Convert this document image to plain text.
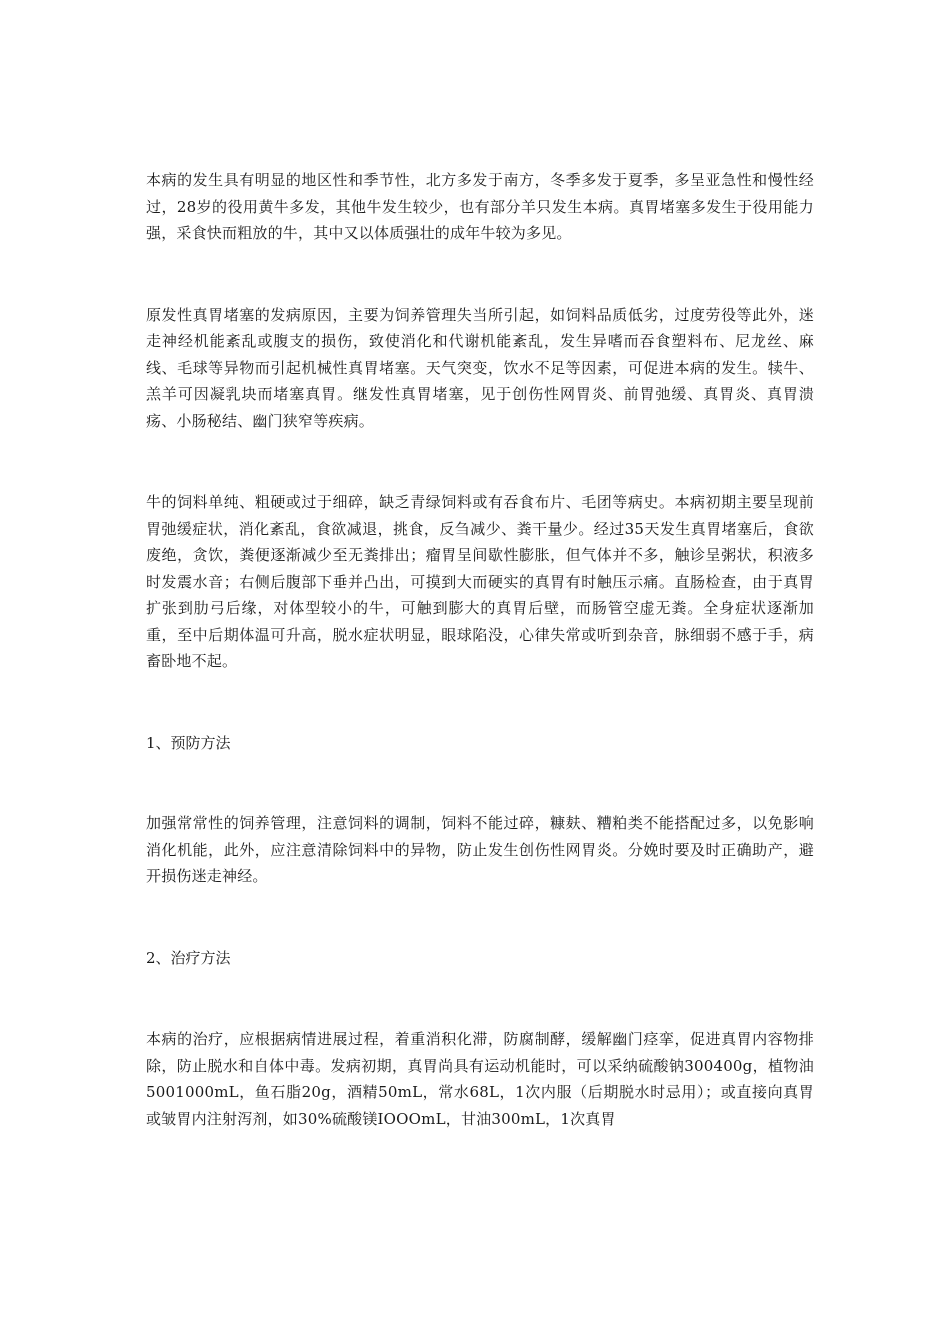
本病的发生具有明显的地区性和季节性，北方多发于南方，冬季多发于夏季，多呈亚急性和慢性经过，28岁的役用黄牛多发，其他牛发生较少，也有部分羊只发生本病。真胃堵塞多发生于役用能力强，采食快而粗放的牛，其中又以体质强壮的成年牛较为多见。

原发性真胃堵塞的发病原因，主要为饲养管理失当所引起，如饲料品质低劣，过度劳役等此外，迷走神经机能紊乱或腹支的损伤，致使消化和代谢机能紊乱，发生异嗜而吞食塑料布、尼龙丝、麻线、毛球等异物而引起机械性真胃堵塞。天气突变，饮水不足等因素，可促进本病的发生。犊牛、羔羊可因凝乳块而堵塞真胃。继发性真胃堵塞，见于创伤性网胃炎、前胃弛缓、真胃炎、真胃溃疡、小肠秘结、幽门狭窄等疾病。

牛的饲料单纯、粗硬或过于细碎，缺乏青绿饲料或有吞食布片、毛团等病史。本病初期主要呈现前胃弛缓症状，消化紊乱，食欲减退，挑食，反刍减少、粪干量少。经过35天发生真胃堵塞后，食欲废绝，贪饮，粪便逐渐减少至无粪排出；瘤胃呈间歇性膨胀，但气体并不多，触诊呈粥状，积液多时发震水音；右侧后腹部下垂并凸出，可摸到大而硬实的真胃有时触压示痛。直肠检查，由于真胃扩张到肋弓后缘，对体型较小的牛，可触到膨大的真胃后壁，而肠管空虚无粪。全身症状逐渐加重，至中后期体温可升高，脱水症状明显，眼球陷没，心律失常或听到杂音，脉细弱不感于手，病畜卧地不起。

1、预防方法

加强常常性的饲养管理，注意饲料的调制，饲料不能过碎，糠麸、糟粕类不能搭配过多，以免影响消化机能，此外，应注意清除饲料中的异物，防止发生创伤性网胃炎。分娩时要及时正确助产，避开损伤迷走神经。

2、治疗方法

本病的治疗，应根据病情进展过程，着重消积化滞，防腐制酵，缓解幽门痉挛，促进真胃内容物排除，防止脱水和自体中毒。发病初期，真胃尚具有运动机能时，可以采纳硫酸钠300400g，植物油5001000mL，鱼石脂20g，酒精50mL，常水68L，1次内服（后期脱水时忌用）；或直接向真胃或皱胃内注射泻剂，如30%硫酸镁IOOOmL，甘油300mL，1次真胃
